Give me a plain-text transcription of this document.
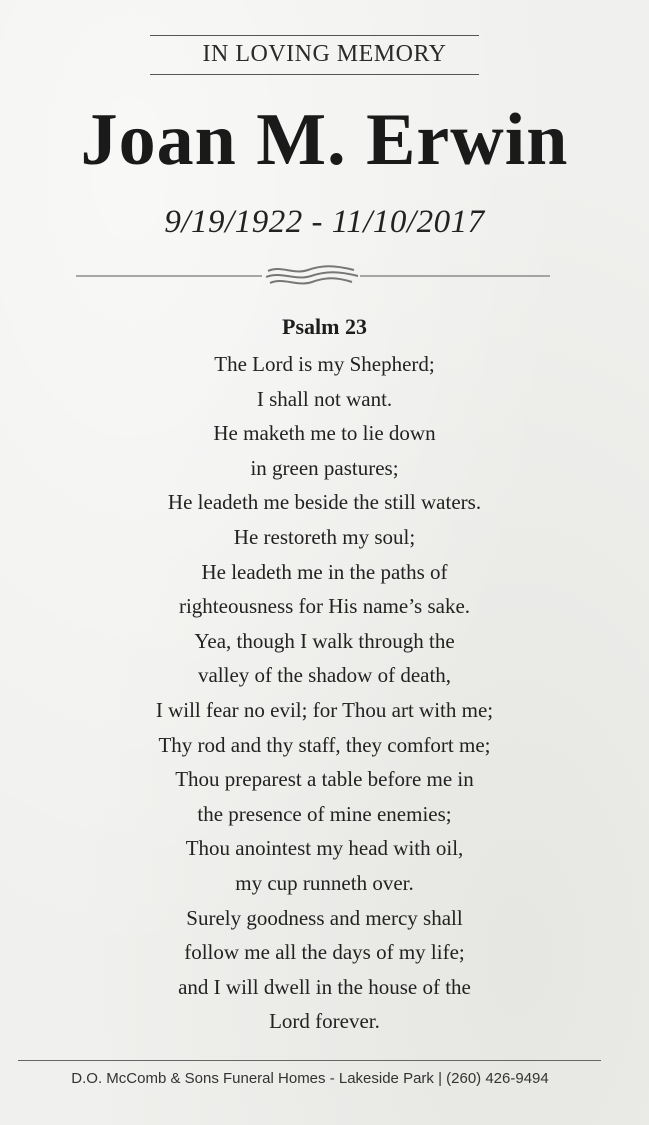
IN LOVING MEMORY
Joan M. Erwin
9/19/1922 - 11/10/2017
Psalm 23
The Lord is my Shepherd;
I shall not want.
He maketh me to lie down
in green pastures;
He leadeth me beside the still waters.
He restoreth my soul;
He leadeth me in the paths of
righteousness for His name’s sake.
Yea, though I walk through the
valley of the shadow of death,
I will fear no evil; for Thou art with me;
Thy rod and thy staff, they comfort me;
Thou preparest a table before me in
the presence of mine enemies;
Thou anointest my head with oil,
my cup runneth over.
Surely goodness and mercy shall
follow me all the days of my life;
and I will dwell in the house of the
Lord forever.
D.O. McComb & Sons Funeral Homes - Lakeside Park | (260) 426-9494
